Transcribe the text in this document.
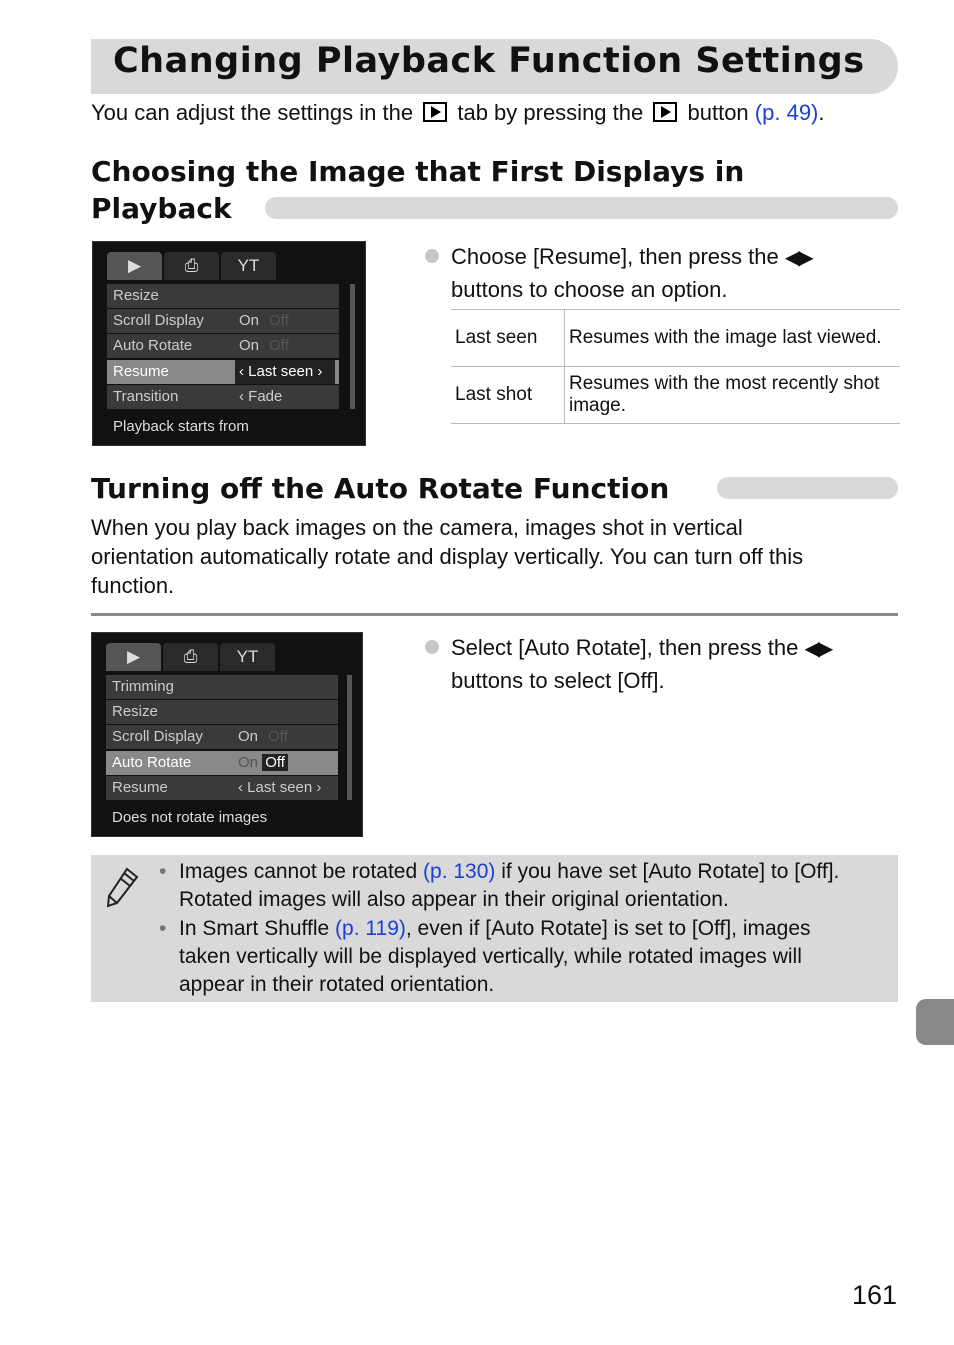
Changing Playback Function Settings
You can adjust the settings in the tab by pressing the button (p. 49).
Choosing the Image that First Displays in
Playback
▶	⎙	ΥΤ
Resize
Scroll Display On Off
Auto Rotate	On Off
Resume	‹ Last seen ›
Transition	‹ Fade
Playback starts from
Choose [Resume], then press the ◀▶
buttons to choose an option.
Last seen	Resumes with the image last viewed.
Last shot	Resumes with the most recently shot image.
Turning off the Auto Rotate Function
When you play back images on the camera, images shot in vertical
orientation automatically rotate and display vertically. You can turn off this
function.
▶	⎙	ΥΤ
Trimming
Resize
Scroll Display On Off
Auto Rotate	On Off
Resume	‹ Last seen ›
Does not rotate images
Select [Auto Rotate], then press the ◀▶
buttons to select [Off].
• Images cannot be rotated (p. 130) if you have set [Auto Rotate] to [Off].
Rotated images will also appear in their original orientation.
• In Smart Shuffle (p. 119), even if [Auto Rotate] is set to [Off], images
taken vertically will be displayed vertically, while rotated images will
appear in their rotated orientation.
161
